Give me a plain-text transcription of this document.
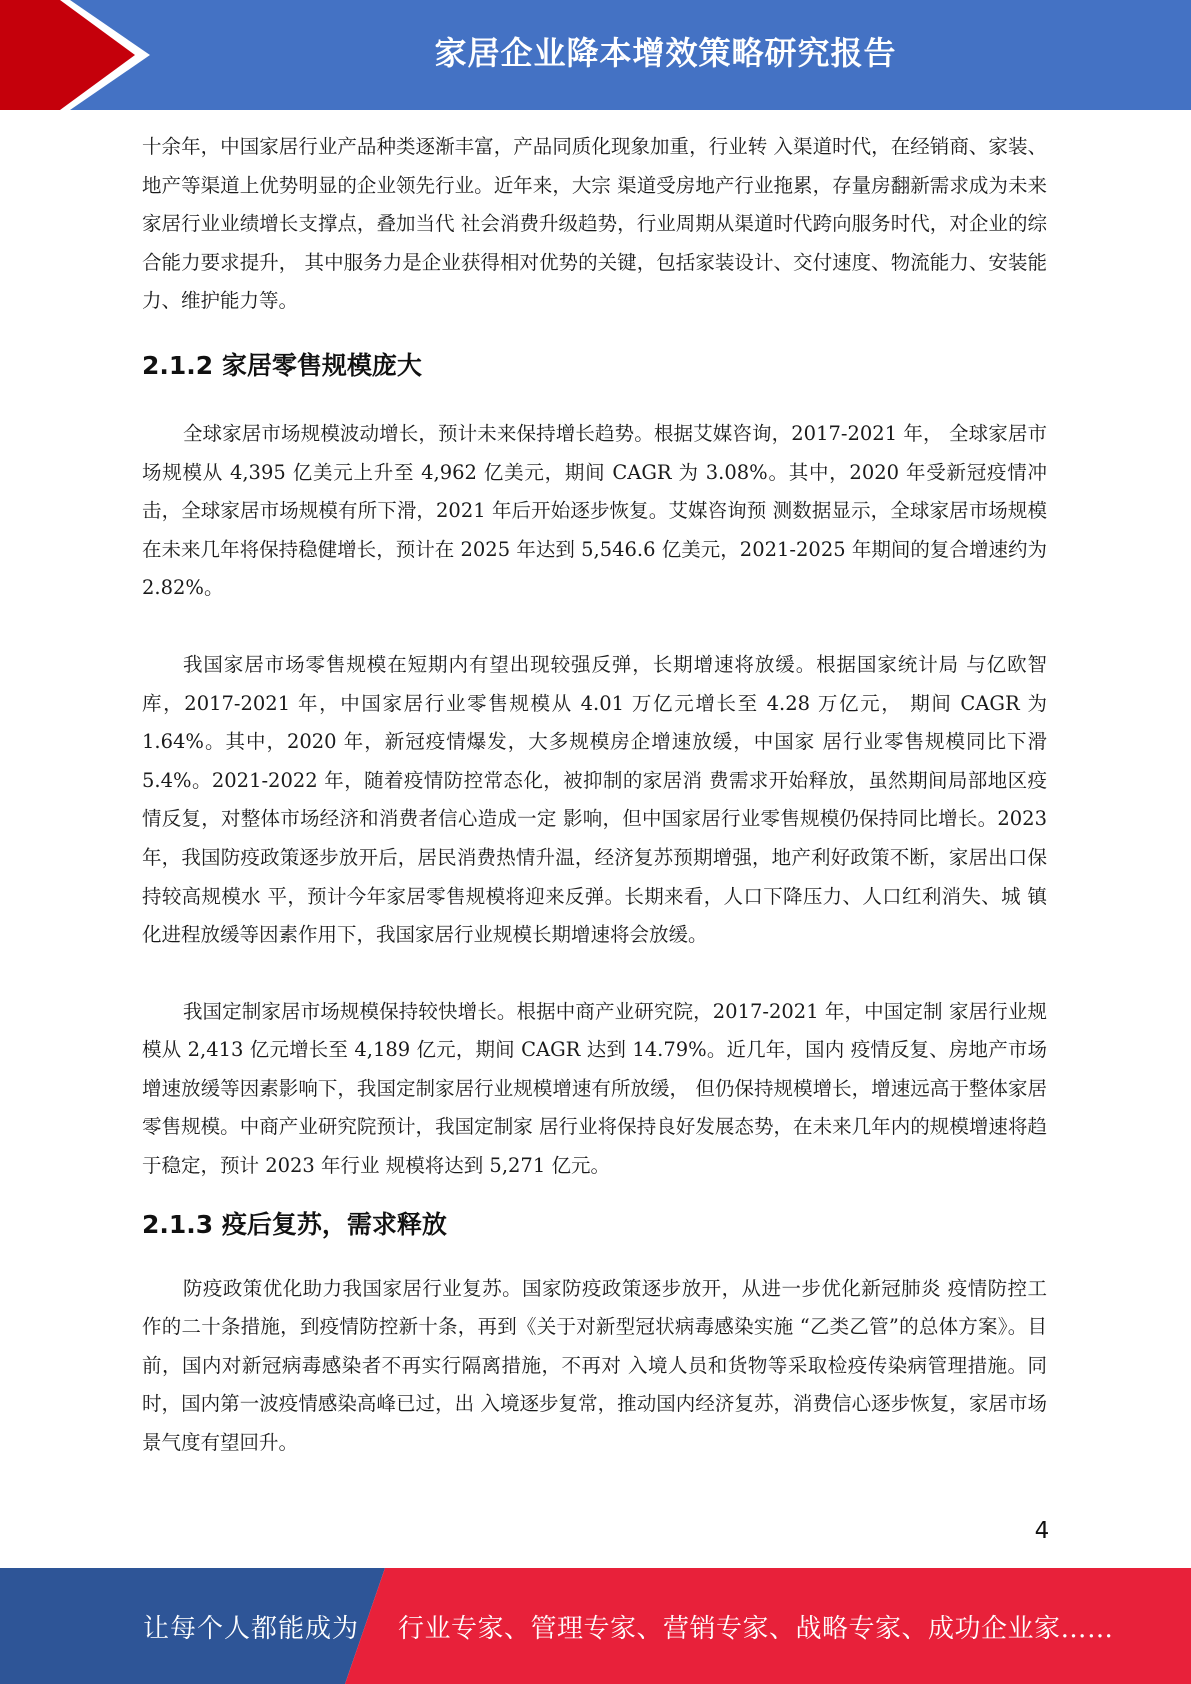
家居企业降本增效策略研究报告

十余年，中国家居行业产品种类逐渐丰富，产品同质化现象加重，行业转 入渠道时代，在经销商、家装、地产等渠道上优势明显的企业领先行业。近年来，大宗 渠道受房地产行业拖累，存量房翻新需求成为未来家居行业业绩增长支撑点，叠加当代 社会消费升级趋势，行业周期从渠道时代跨向服务时代，对企业的综合能力要求提升， 其中服务力是企业获得相对优势的关键，包括家装设计、交付速度、物流能力、安装能 力、维护能力等。

2.1.2 家居零售规模庞大

全球家居市场规模波动增长，预计未来保持增长趋势。根据艾媒咨询，2017-2021 年， 全球家居市场规模从 4,395 亿美元上升至 4,962 亿美元，期间 CAGR 为 3.08%。其中，2020 年受新冠疫情冲击，全球家居市场规模有所下滑，2021 年后开始逐步恢复。艾媒咨询预 测数据显示，全球家居市场规模在未来几年将保持稳健增长，预计在 2025 年达到 5,546.6 亿美元，2021-2025 年期间的复合增速约为 2.82%。

我国家居市场零售规模在短期内有望出现较强反弹，长期增速将放缓。根据国家统计局 与亿欧智库，2017-2021 年，中国家居行业零售规模从 4.01 万亿元增长至 4.28 万亿元， 期间 CAGR 为 1.64%。其中，2020 年，新冠疫情爆发，大多规模房企增速放缓，中国家 居行业零售规模同比下滑 5.4%。2021-2022 年，随着疫情防控常态化，被抑制的家居消 费需求开始释放，虽然期间局部地区疫情反复，对整体市场经济和消费者信心造成一定 影响，但中国家居行业零售规模仍保持同比增长。2023 年，我国防疫政策逐步放开后，居民消费热情升温，经济复苏预期增强，地产利好政策不断，家居出口保持较高规模水 平，预计今年家居零售规模将迎来反弹。长期来看，人口下降压力、人口红利消失、城 镇化进程放缓等因素作用下，我国家居行业规模长期增速将会放缓。

我国定制家居市场规模保持较快增长。根据中商产业研究院，2017-2021 年，中国定制 家居行业规模从 2,413 亿元增长至 4,189 亿元，期间 CAGR 达到 14.79%。近几年，国内 疫情反复、房地产市场增速放缓等因素影响下，我国定制家居行业规模增速有所放缓， 但仍保持规模增长，增速远高于整体家居零售规模。中商产业研究院预计，我国定制家 居行业将保持良好发展态势，在未来几年内的规模增速将趋于稳定，预计 2023 年行业 规模将达到 5,271 亿元。

2.1.3 疫后复苏，需求释放

防疫政策优化助力我国家居行业复苏。国家防疫政策逐步放开，从进一步优化新冠肺炎 疫情防控工作的二十条措施，到疫情防控新十条，再到《关于对新型冠状病毒感染实施 “乙类乙管”的总体方案》。目前，国内对新冠病毒感染者不再实行隔离措施，不再对 入境人员和货物等采取检疫传染病管理措施。同时，国内第一波疫情感染高峰已过，出 入境逐步复常，推动国内经济复苏，消费信心逐步恢复，家居市场景气度有望回升。

4
让每个人都能成为 行业专家、管理专家、营销专家、战略专家、成功企业家……
